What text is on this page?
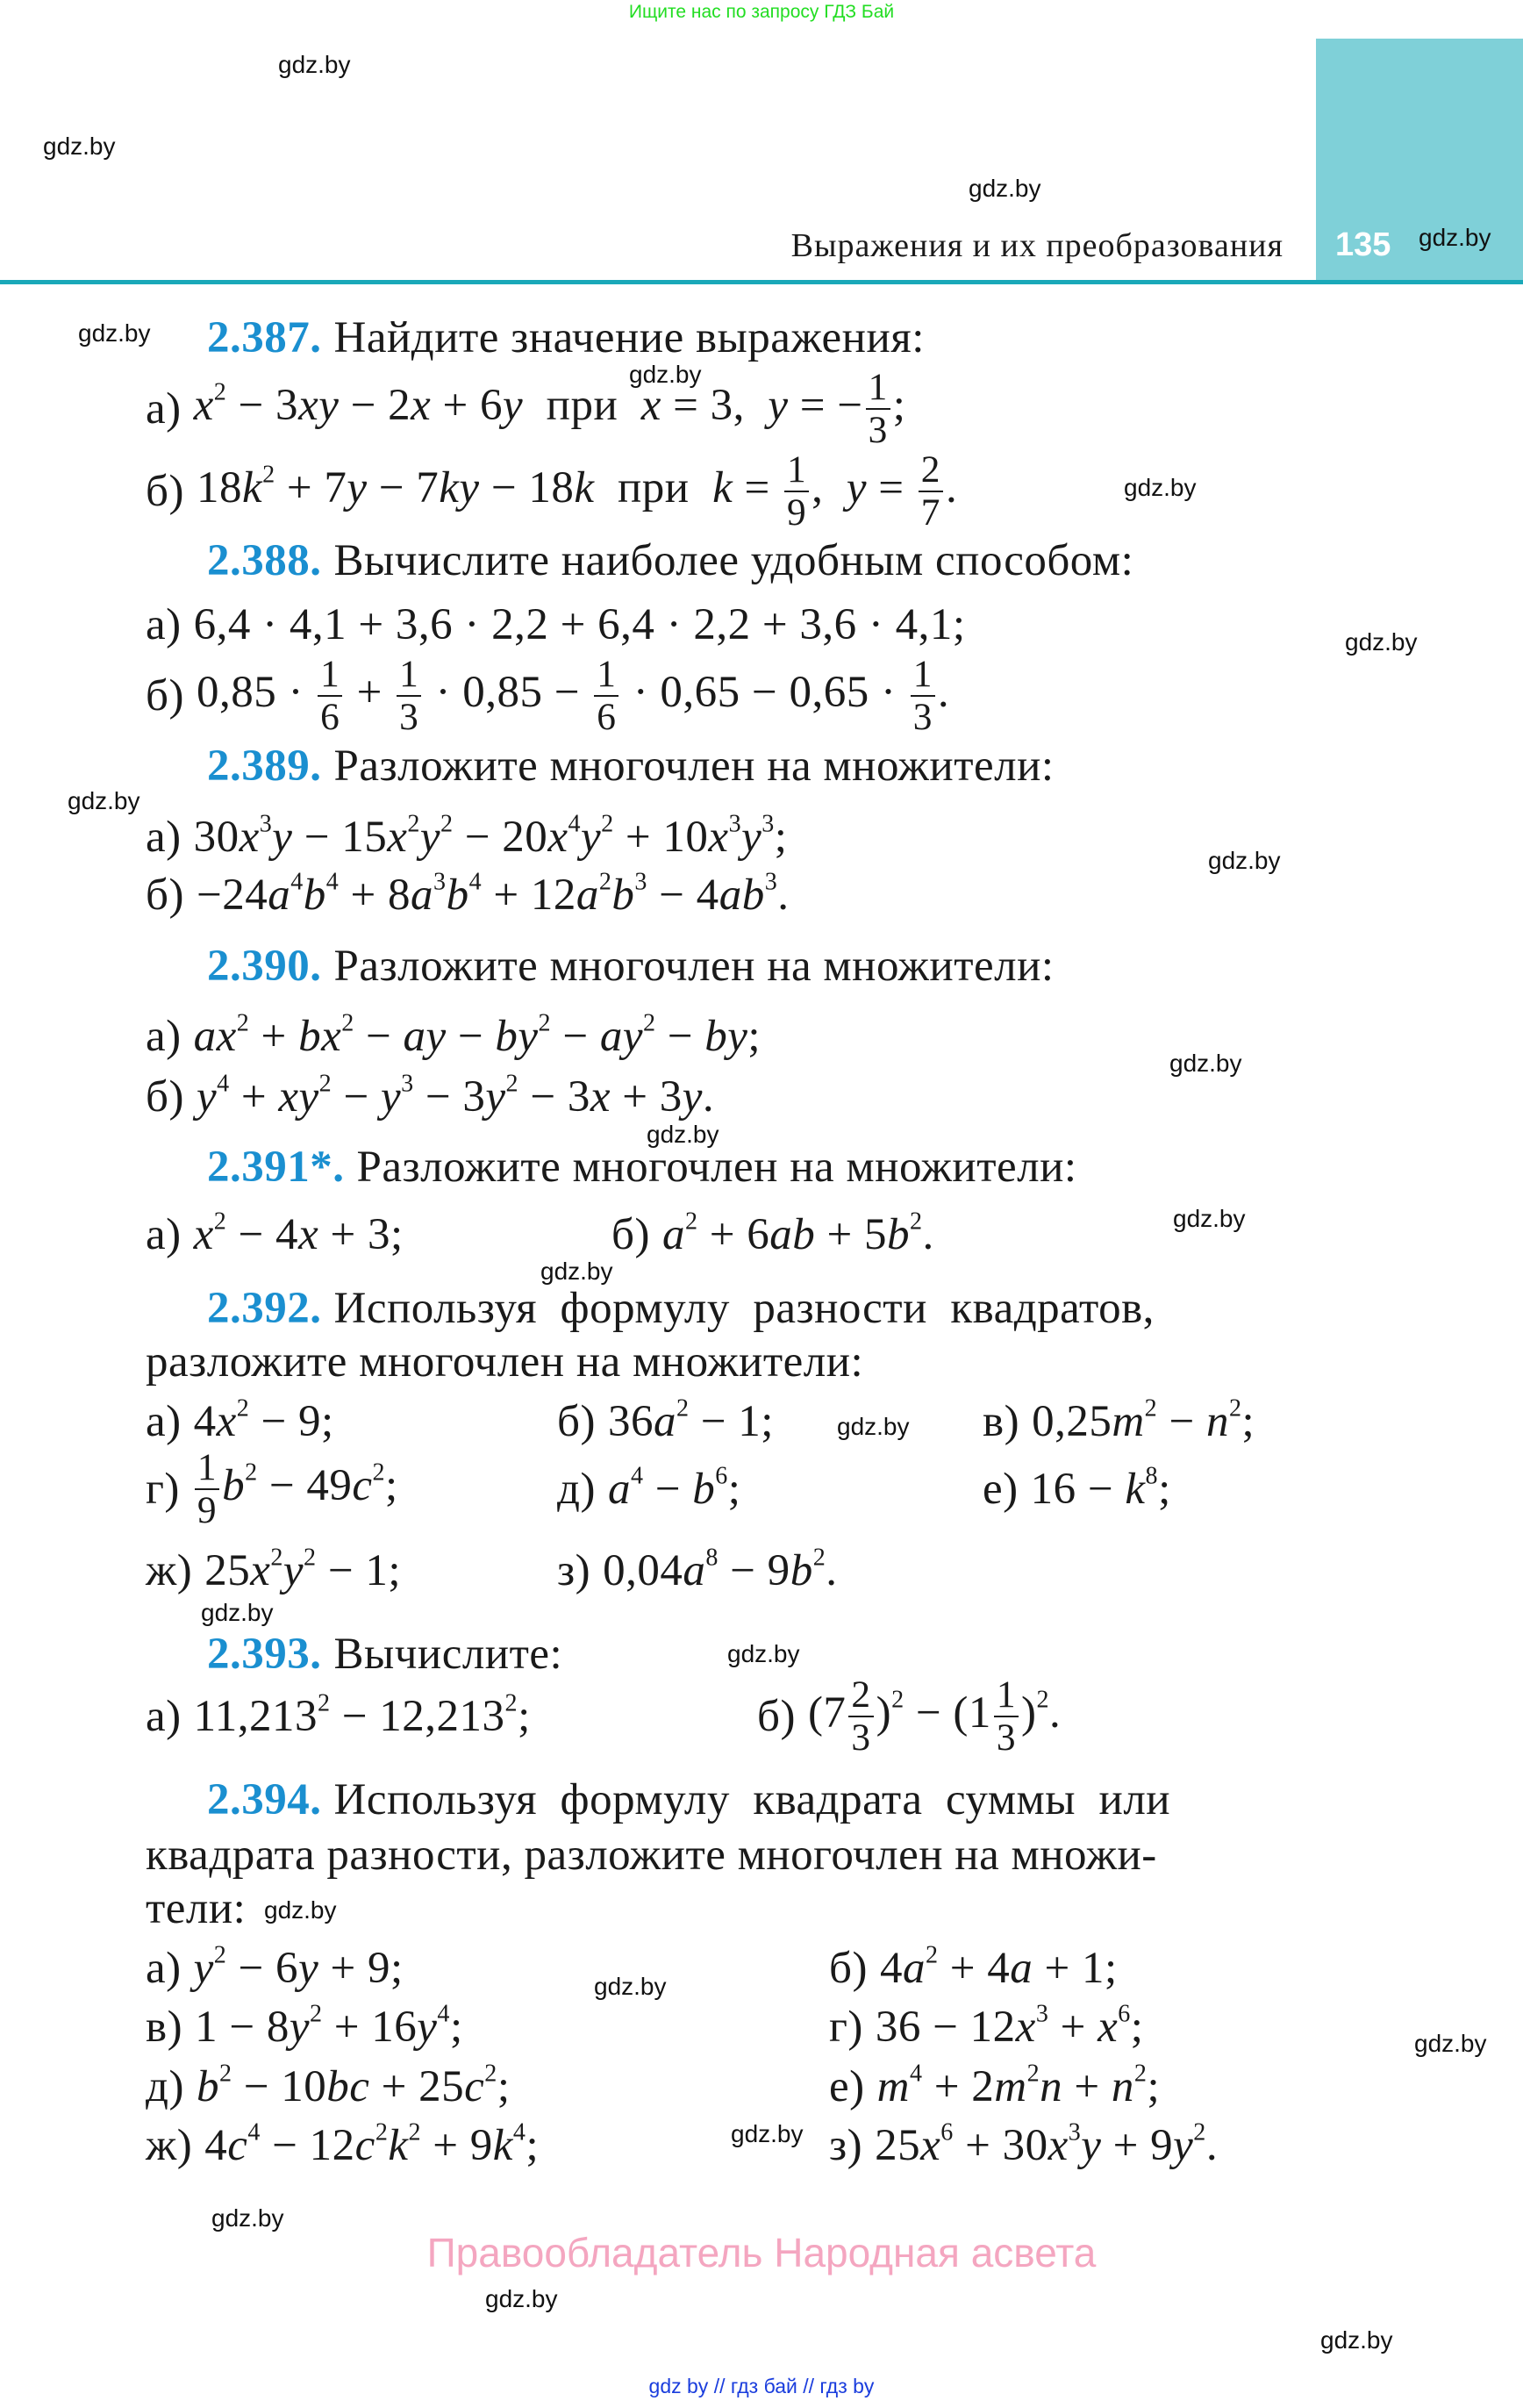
Ищите нас по запросу ГДЗ Бай
135
Выражения и их преобразования
gdz.by
gdz.by
gdz.by
gdz.by
gdz.by
gdz.by
gdz.by
gdz.by
gdz.by
gdz.by
gdz.by
gdz.by
gdz.by
gdz.by
gdz.by
gdz.by
gdz.by
gdz.by
gdz.by
gdz.by
gdz.by
gdz.by
gdz.by
gdz.by
2.387. Найдите значение выражения:
а) $x^2 - 3xy - 2x + 6y$  при  x = 3,  y = − $\frac{1}{3}$ ;
б) $18k^2 + 7y - 7ky - 18k$  при  $k = \frac{1}{9}$ ,  $y = \frac{2}{7}$ .
2.388. Вычислите наиболее удобным способом:
а) 6,4 · 4,1 + 3,6 · 2,2 + 6,4 · 2,2 + 3,6 · 4,1;
б) $0,85 \cdot \frac{1}{6} + \frac{1}{3} \cdot 0,85 - \frac{1}{6} \cdot 0,65 - 0,65 \cdot \frac{1}{3}$ .
2.389. Разложите многочлен на множители:
а) $30x^3y - 15x^2y^2 - 20x^4y^2 + 10x^3y^3$;
$б) -24a^4b^4 + 8a^3b^4 + 12a^2b^3 - 4ab^3$.
2.390. Разложите многочлен на множители:
а) $ax^2 + bx^2$ − ay − $by^2 - ay^2$ − by;
б) $y^4 + xy^2 - y^3 - 3y^2 - 3x + 3y$.
2.391*. Разложите многочлен на множители:
а) $x^2 - 4x + 3$;	б) $a^2 + 6ab + 5b^2$.
2.392. Используя  формулу  разности  квадратов,
разложите многочлен на множители:
а) $4x^2 - 9$;	б) $36a^2 - 1$;	в) $0,25m^2 - n^2$;
$г) \frac{1}{9} b^2 - 49c^2$;	д) $a^4 - b^6$;	е) $16 - k^8$;
ж) $25x^2y^2 - 1$;	з) $0,04a^8 - 9b^2$.
2.393. Вычислите:
а) $11,213^2 - 12,213^2$;	б) $(7 \frac{2}{3} )^2 - (1 \frac{1}{3} )^2$.
2.394. Используя  формулу  квадрата  суммы  или
квадрата разности, разложите многочлен на множи-
тели:
а) $y^2 - 6y + 9$;	б) $4a^2 + 4a + 1$;
в) $1 - 8y^2 + 16y^4$;	г) $36 - 12x^3 + x^6$;
д) $b^2 - 10bc + 25c^2$;	е) $m^4 + 2m^2n + n^2$;
ж) $4c^4 - 12c^2k^2 + 9k^4$;	з) $25x^6 + 30x^3y + 9y^2$.
Правообладатель Народная асвета
gdz by // гдз бай // гдз by
